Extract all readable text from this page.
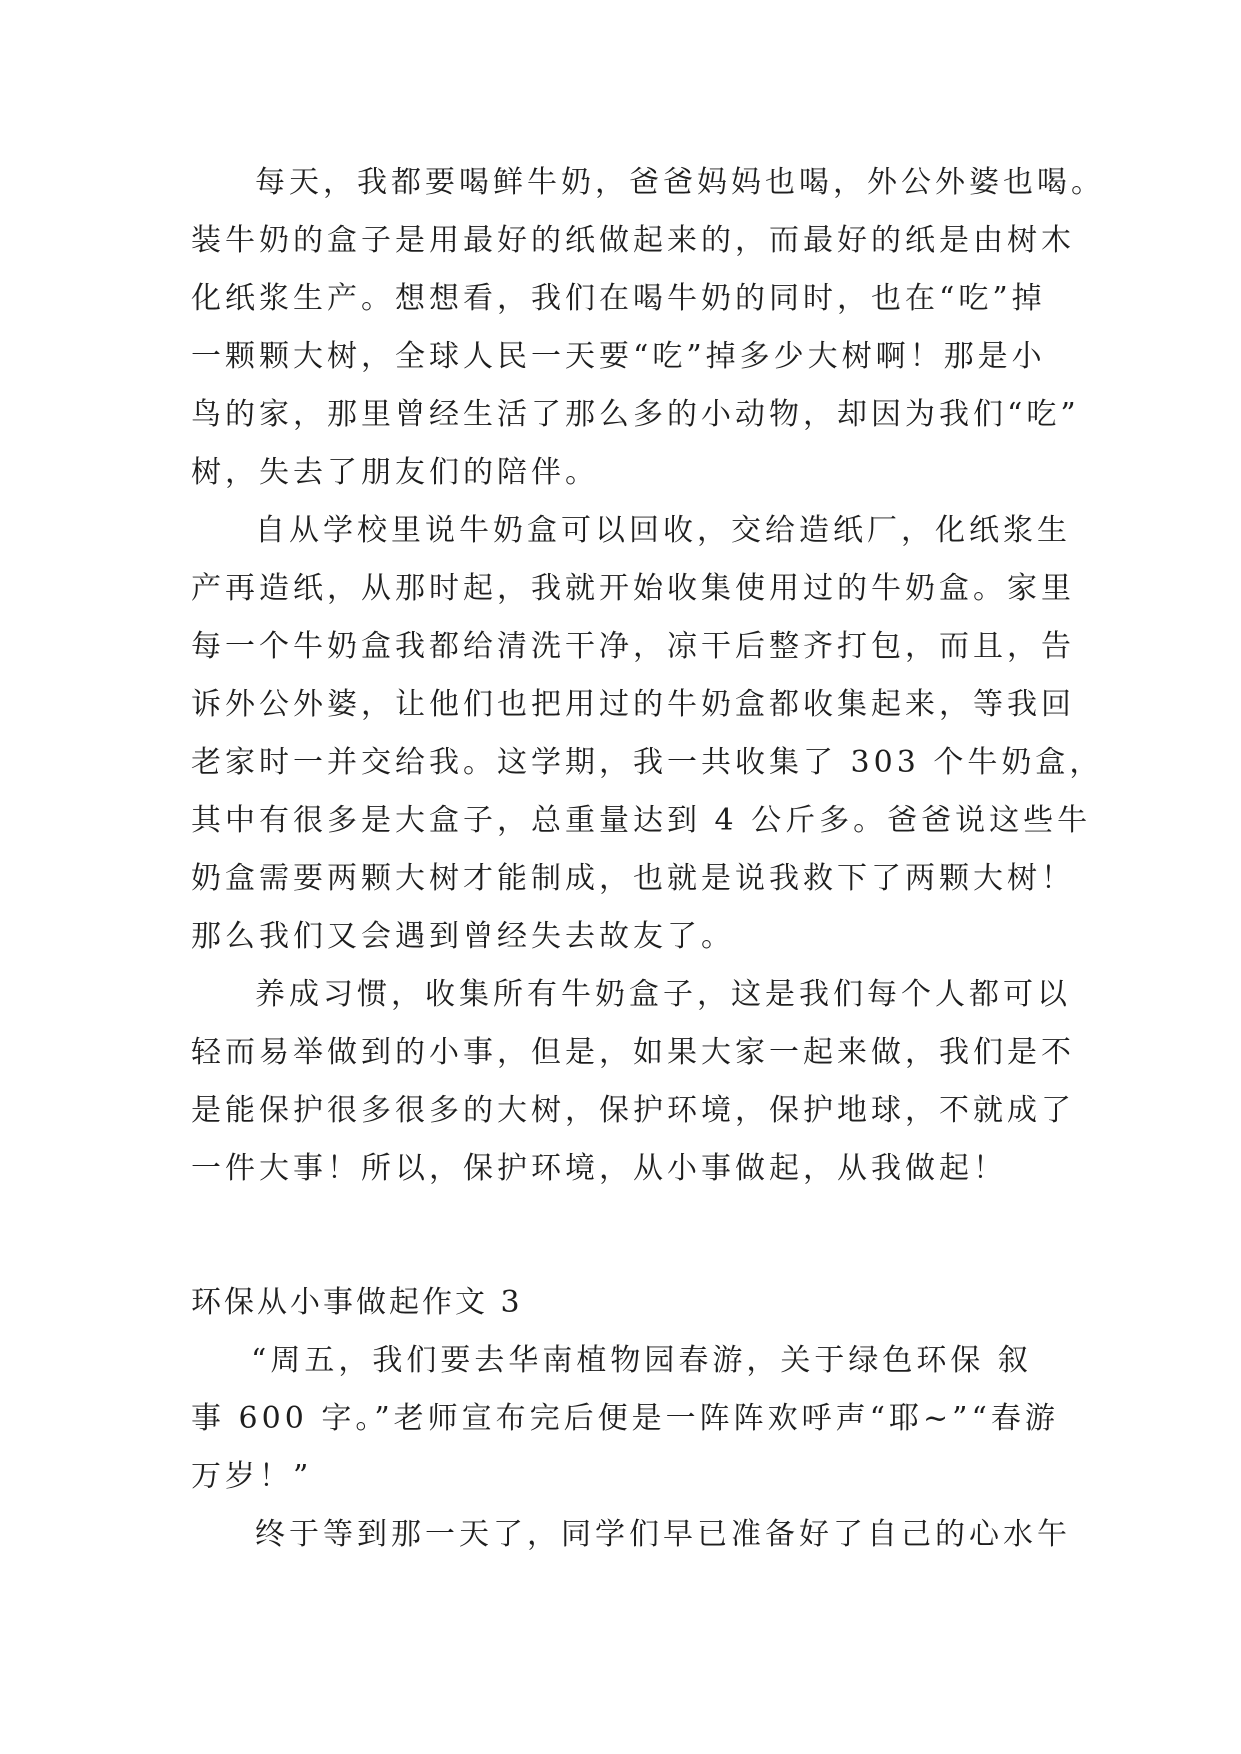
每天，我都要喝鲜牛奶，爸爸妈妈也喝，外公外婆也喝。
装牛奶的盒子是用最好的纸做起来的，而最好的纸是由树木
化纸浆生产。想想看，我们在喝牛奶的同时，也在“吃”掉
一颗颗大树，全球人民一天要“吃”掉多少大树啊！那是小
鸟的家，那里曾经生活了那么多的小动物，却因为我们“吃”
树，失去了朋友们的陪伴。
自从学校里说牛奶盒可以回收，交给造纸厂，化纸浆生
产再造纸，从那时起，我就开始收集使用过的牛奶盒。家里
每一个牛奶盒我都给清洗干净，凉干后整齐打包，而且，告
诉外公外婆，让他们也把用过的牛奶盒都收集起来，等我回
老家时一并交给我。这学期，我一共收集了 303 个牛奶盒，
其中有很多是大盒子，总重量达到 4 公斤多。爸爸说这些牛
奶盒需要两颗大树才能制成，也就是说我救下了两颗大树！
那么我们又会遇到曾经失去故友了。
养成习惯，收集所有牛奶盒子，这是我们每个人都可以
轻而易举做到的小事，但是，如果大家一起来做，我们是不
是能保护很多很多的大树，保护环境，保护地球，不就成了
一件大事！所以，保护环境，从小事做起，从我做起！
环保从小事做起作文 3
“周五，我们要去华南植物园春游，关于绿色环保 叙
事 600 字。”老师宣布完后便是一阵阵欢呼声“耶~”“春游
万岁！”
终于等到那一天了，同学们早已准备好了自己的心水午
